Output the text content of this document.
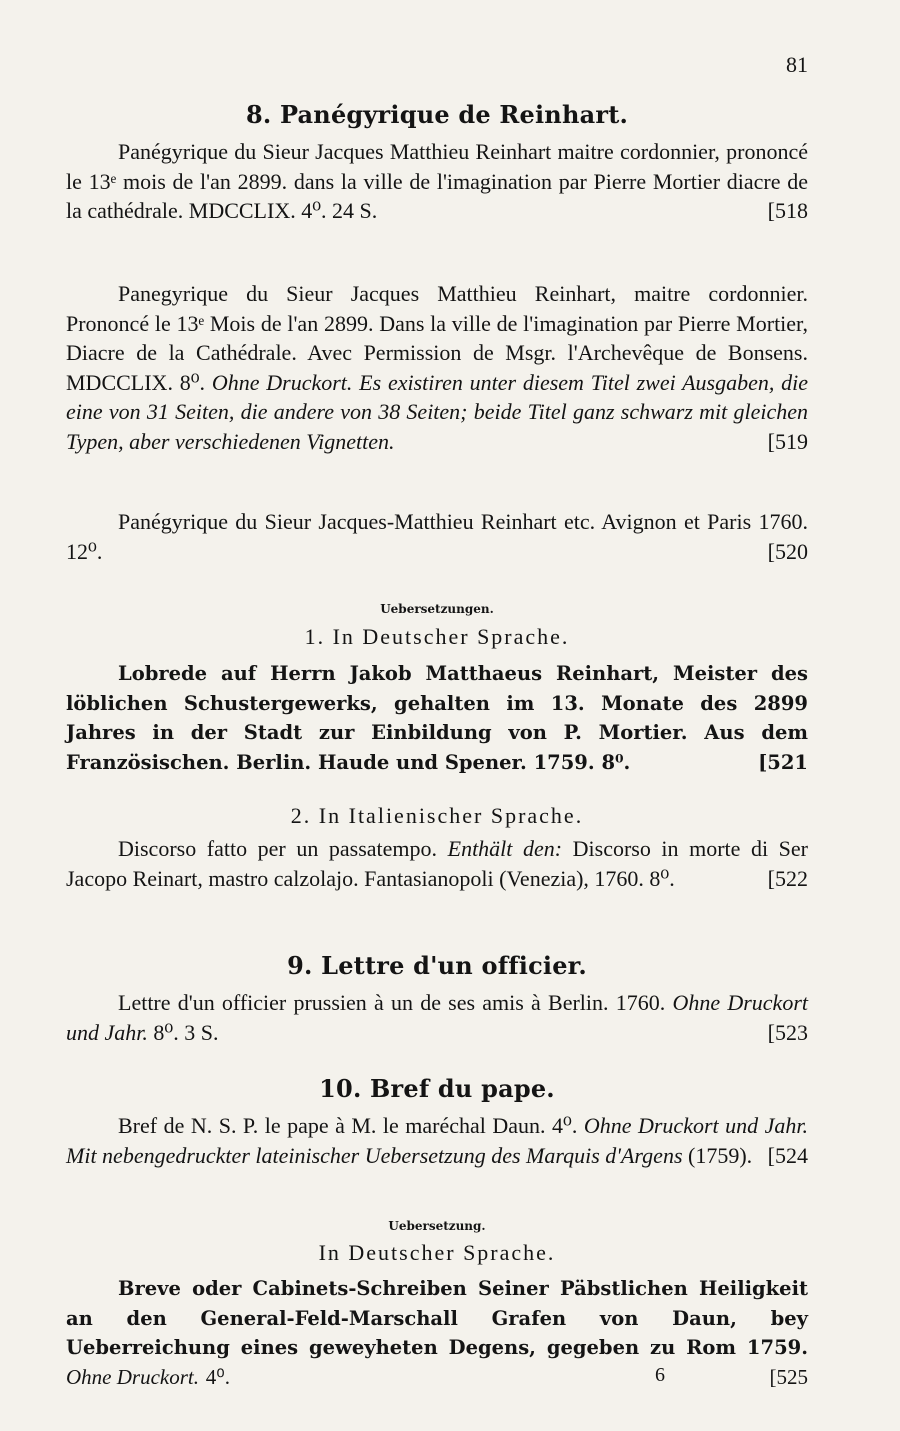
81
8. Panégyrique de Reinhart.
Panégyrique du Sieur Jacques Matthieu Reinhart maitre cordonnier, prononcé le 13ᵉ mois de l'an 2899. dans la ville de l'imagination par Pierre Mortier diacre de la cathédrale. MDCCLIX. 4⁰. 24 S.	[518
Panegyrique du Sieur Jacques Matthieu Reinhart, maitre cordonnier. Prononcé le 13ᵉ Mois de l'an 2899. Dans la ville de l'imagination par Pierre Mortier, Diacre de la Cathédrale. Avec Permission de Msgr. l'Archevêque de Bonsens. MDCCLIX. 8⁰. Ohne Druckort. Es existiren unter diesem Titel zwei Ausgaben, die eine von 31 Seiten, die andere von 38 Seiten; beide Titel ganz schwarz mit gleichen Typen, aber verschiedenen Vignetten.	[519
Panégyrique du Sieur Jacques-Matthieu Reinhart etc. Avignon et Paris 1760. 12⁰.	[520
Uebersetzungen.
1. In Deutscher Sprache.
Lobrede auf Herrn Jakob Matthaeus Reinhart, Meister des löblichen Schustergewerks, gehalten im 13. Monate des 2899 Jahres in der Stadt zur Einbildung von P. Mortier. Aus dem Französischen. Berlin. Haude und Spener. 1759. 8⁰.	[521
2. In Italienischer Sprache.
Discorso fatto per un passatempo. Enthält den: Discorso in morte di Ser Jacopo Reinart, mastro calzolajo. Fantasianopoli (Venezia), 1760. 8⁰.	[522
9. Lettre d'un officier.
Lettre d'un officier prussien à un de ses amis à Berlin. 1760. Ohne Druckort und Jahr. 8⁰. 3 S.	[523
10. Bref du pape.
Bref de N. S. P. le pape à M. le maréchal Daun. 4⁰. Ohne Druckort und Jahr. Mit nebengedruckter lateinischer Uebersetzung des Marquis d'Argens (1759). [524
Uebersetzung.
In Deutscher Sprache.
Breve oder Cabinets-Schreiben Seiner Päbstlichen Heiligkeit an den General-Feld-Marschall Grafen von Daun, bey Ueberreichung eines geweyheten Degens, gegeben zu Rom 1759. Ohne Druckort. 4⁰.	[525
6
